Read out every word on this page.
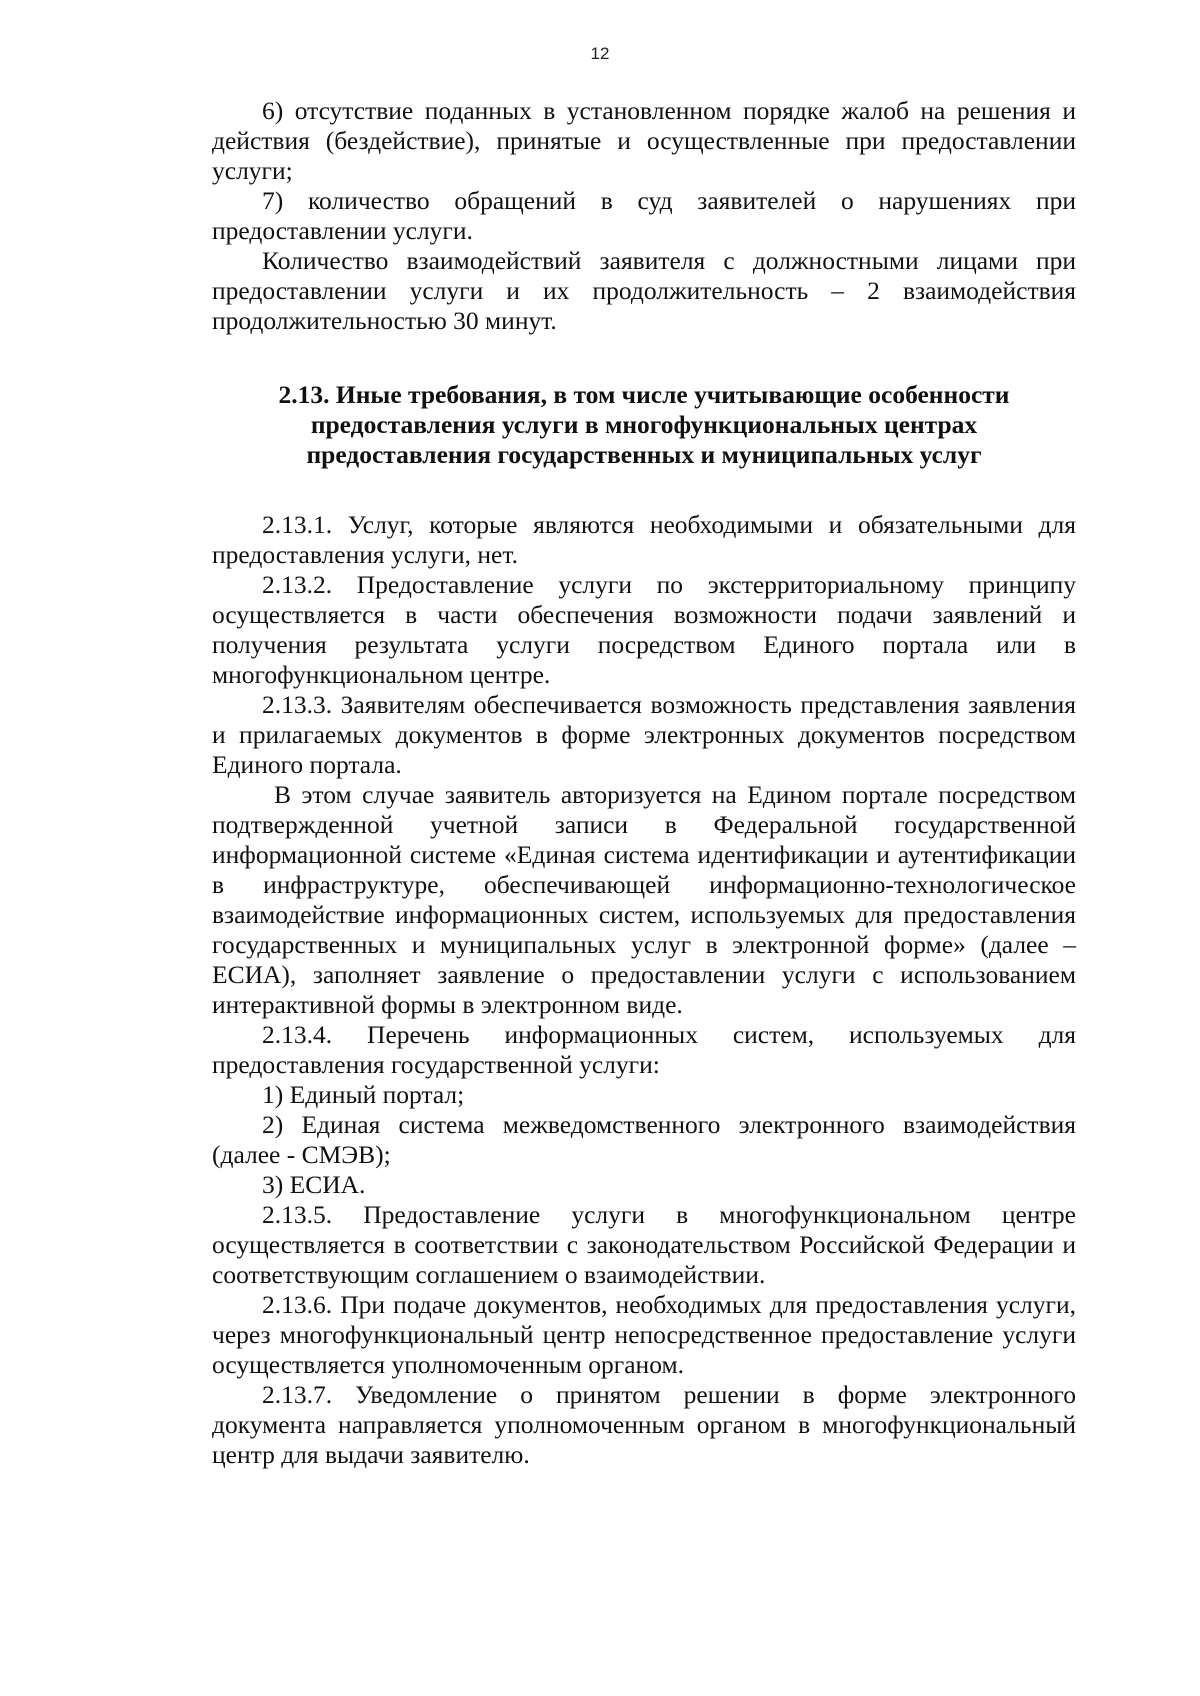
12

6) отсутствие поданных в установленном порядке жалоб на решения и действия (бездействие), принятые и осуществленные при предоставлении услуги;

7) количество обращений в суд заявителей о нарушениях при предоставлении услуги.

Количество взаимодействий заявителя с должностными лицами при предоставлении услуги и их продолжительность – 2 взаимодействия продолжительностью 30 минут.

2.13. Иные требования, в том числе учитывающие особенности
предоставления услуги в многофункциональных центрах
предоставления государственных и муниципальных услуг

2.13.1. Услуг, которые являются необходимыми и обязательными для предоставления услуги, нет.

2.13.2. Предоставление услуги по экстерриториальному принципу осуществляется в части обеспечения возможности подачи заявлений и получения результата услуги посредством Единого портала или в многофункциональном центре.

2.13.3. Заявителям обеспечивается возможность представления заявления и прилагаемых документов в форме электронных документов посредством Единого портала.

В этом случае заявитель авторизуется на Едином портале посредством подтвержденной учетной записи в Федеральной государственной информационной системе «Единая система идентификации и аутентификации в инфраструктуре, обеспечивающей информационно-технологическое взаимодействие информационных систем, используемых для предоставления государственных и муниципальных услуг в электронной форме» (далее – ЕСИА), заполняет заявление о предоставлении услуги с использованием интерактивной формы в электронном виде.

2.13.4. Перечень информационных систем, используемых для предоставления государственной услуги:

1) Единый портал;

2) Единая система межведомственного электронного взаимодействия (далее - СМЭВ);

3) ЕСИА.

2.13.5. Предоставление услуги в многофункциональном центре осуществляется в соответствии с законодательством Российской Федерации и соответствующим соглашением о взаимодействии.

2.13.6. При подаче документов, необходимых для предоставления услуги, через многофункциональный центр непосредственное предоставление услуги осуществляется уполномоченным органом.

2.13.7. Уведомление о принятом решении в форме электронного документа направляется уполномоченным органом в многофункциональный центр для выдачи заявителю.
